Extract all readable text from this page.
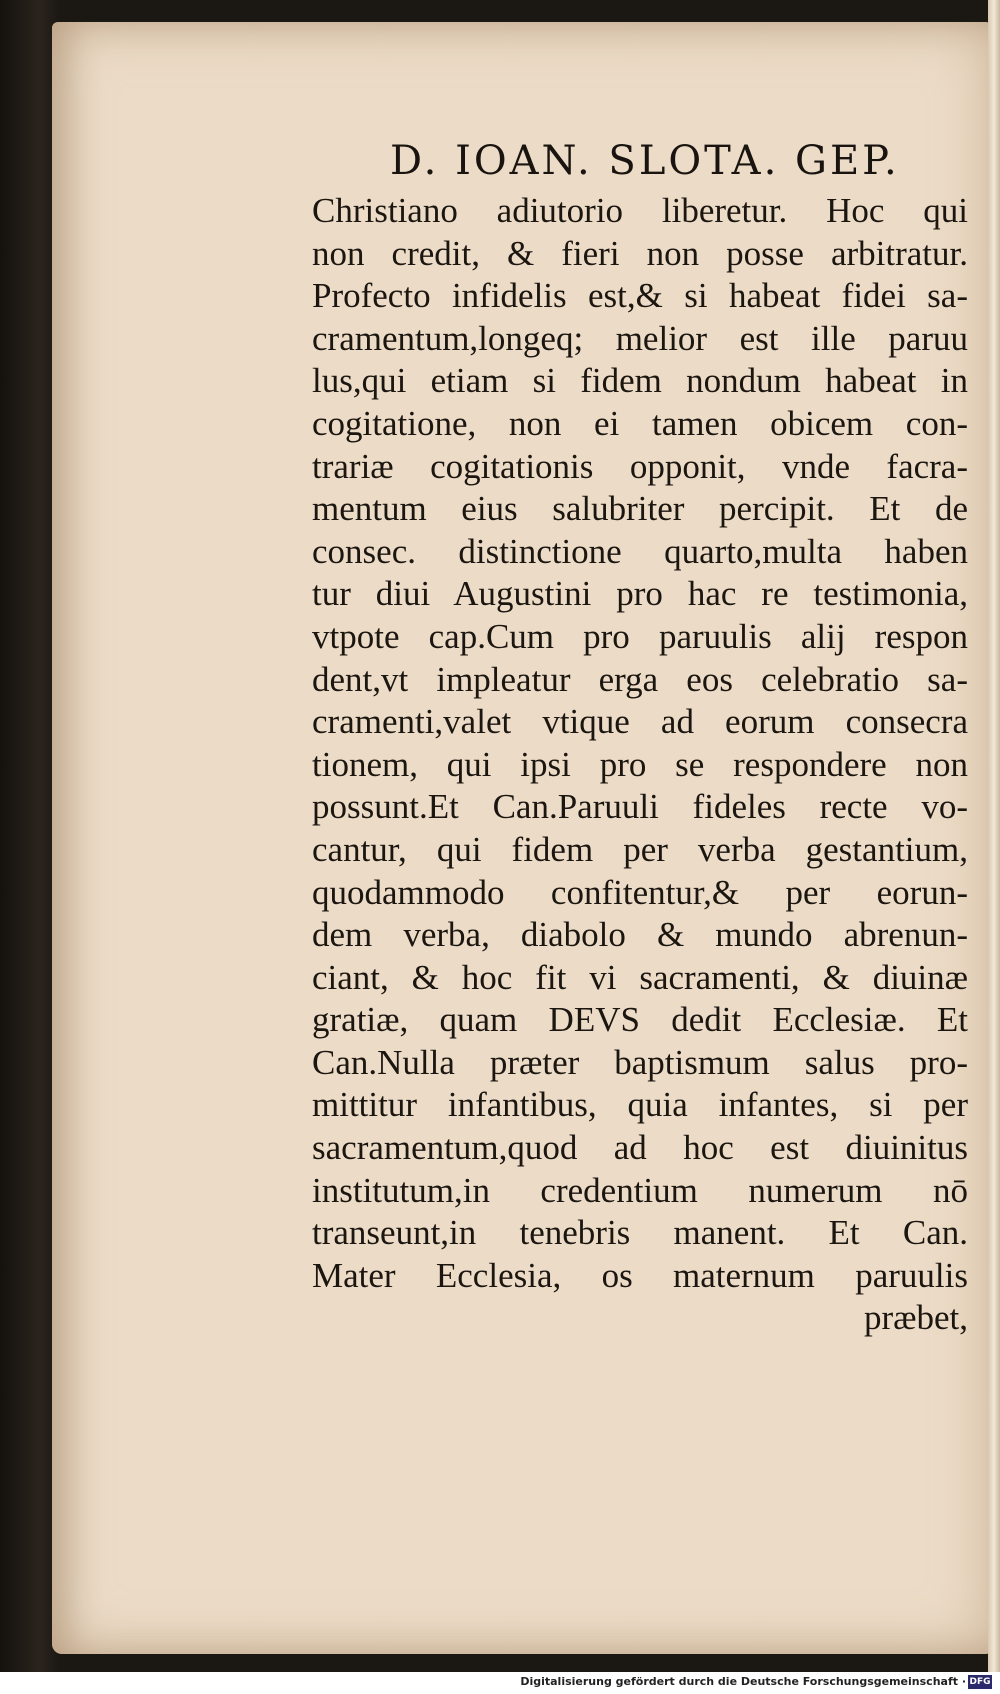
D. IOAN. SLOTA. GEP.
Christiano adiutorio liberetur. Hoc qui
non credit, & fieri non posse arbitratur.
Profecto infidelis est,& si habeat fidei sa-
cramentum,longeq; melior est ille paruu
lus,qui etiam si fidem nondum habeat in
cogitatione, non ei tamen obicem con-
trariæ cogitationis opponit, vnde facra-
mentum eius salubriter percipit. Et de
consec. distinctione quarto,multa haben
tur diui Augustini pro hac re testimonia,
vtpote cap.Cum pro paruulis alij respon
dent,vt impleatur erga eos celebratio sa-
cramenti,valet vtique ad eorum consecra
tionem, qui ipsi pro se respondere non
possunt.Et Can.Paruuli fideles recte vo-
cantur, qui fidem per verba gestantium,
quodammodo confitentur,& per eorun-
dem verba, diabolo & mundo abrenun-
ciant, & hoc fit vi sacramenti, & diuinæ
gratiæ, quam DEVS dedit Ecclesiæ. Et
Can.Nulla præter baptismum salus pro-
mittitur infantibus, quia infantes, si per
sacramentum,quod ad hoc est diuinitus
institutum,in credentium numerum nō
transeunt,in tenebris manent. Et Can.
Mater Ecclesia, os maternum paruulis
præbet,
Digitalisierung gefördert durch die Deutsche Forschungsgemeinschaft · DFG
